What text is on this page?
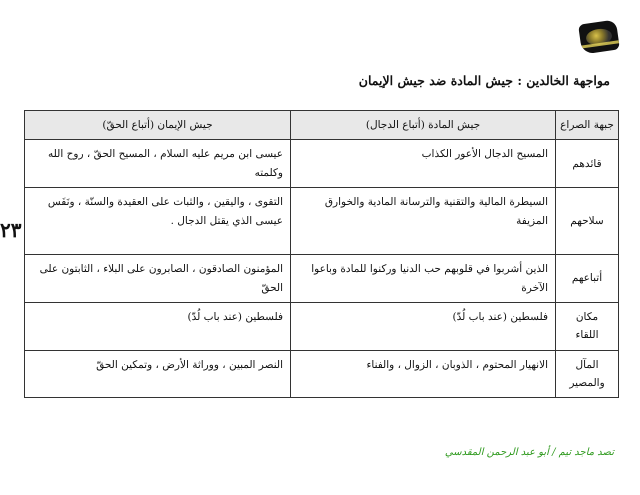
مواجهة الخالدين : جيش المادة ضد جيش الإيمان
٢٣
جبهة الصراع	جيش المادة (أتباع الدجال)	جيش الإيمان (أتباع الحقّ)
قائدهم	المسيح الدجال الأعور الكذاب	عيسى ابن مريم عليه السلام ، المسيح الحقّ ، روح الله وكلمته
سلاحهم	السيطرة المالية والتقنية والترسانة المادية والخوارق المزيفة	التقوى ، واليقين ، والثبات على العقيدة والسنّة ، ونَفَس عيسى الذي يقتل الدجال .
أتباعهم	الذين أشربوا في قلوبهم حب الدنيا وركنوا للمادة وباعوا الآخرة	المؤمنون الصادقون ، الصابرون على البلاء ، الثابتون على الحقّ
مكان اللقاء	فلسطين (عند باب لُدّ)	فلسطين (عند باب لُدّ)
المآل والمصير	الانهيار المحتوم ، الذوبان ، الزوال ، والفناء	النصر المبين ، ووراثة الأرض ، وتمكين الحقّ
تصد ماجد تيم / أبو عبد الرحمن المقدسي
